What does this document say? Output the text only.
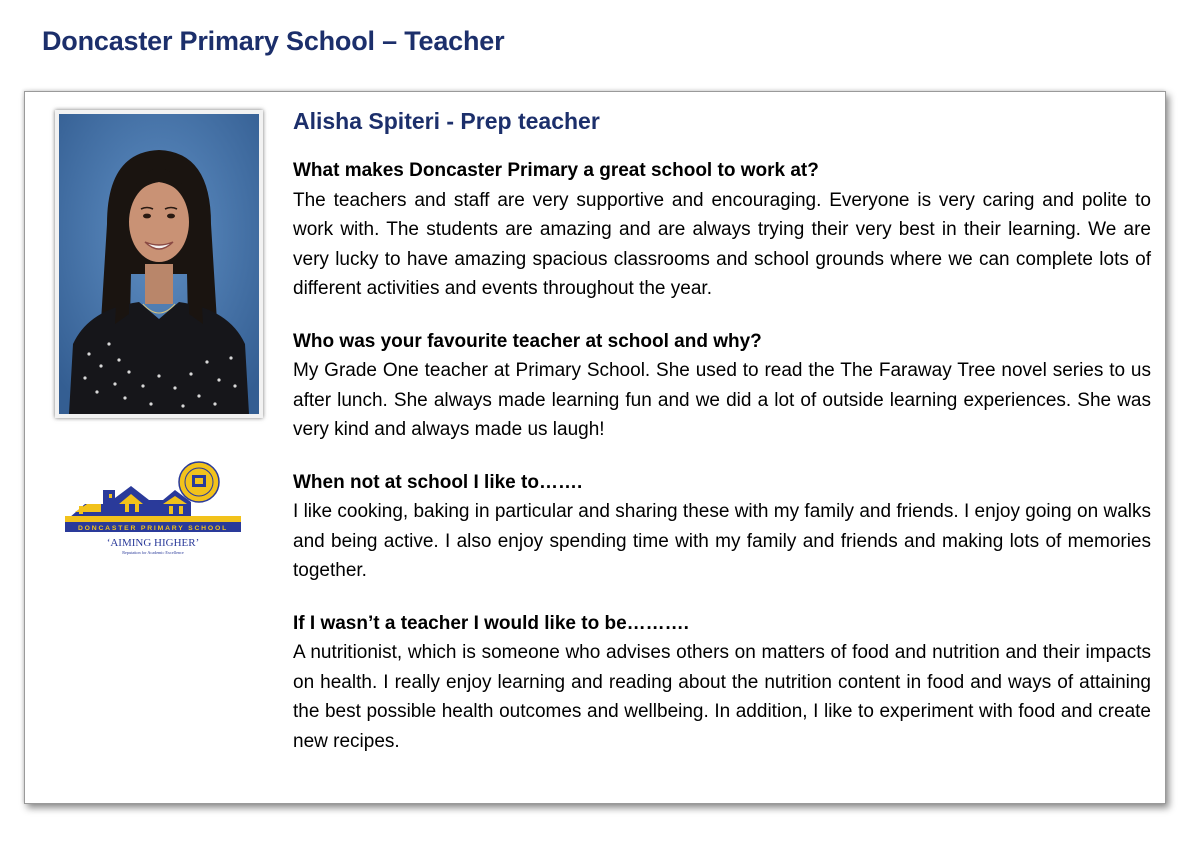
Doncaster Primary School – Teacher
DONCASTER PRIMARY SCHOOL
‘AIMING HIGHER’
Reputation for Academic Excellence
Alisha Spiteri - Prep teacher
What makes Doncaster Primary a great school to work at?
The teachers and staff are very supportive and encouraging. Everyone is very caring and polite to work with. The students are amazing and are always trying their very best in their learning. We are very lucky to have amazing spacious classrooms and school grounds where we can complete lots of different activities and events throughout the year.
Who was your favourite teacher at school and why?
My Grade One teacher at Primary School. She used to read the The Faraway Tree novel series to us after lunch. She always made learning fun and we did a lot of outside learning experiences. She was very kind and always made us laugh!
When not at school I like to…….
I like cooking, baking in particular and sharing these with my family and friends. I enjoy going on walks and being active. I also enjoy spending time with my family and friends and making lots of memories together.
If I wasn’t a teacher I would like to be……….
A nutritionist, which is someone who advises others on matters of food and nutrition and their impacts on health. I really enjoy learning and reading about the nutrition content in food and ways of attaining the best possible health outcomes and wellbeing. In addition, I like to experiment with food and create new recipes.
